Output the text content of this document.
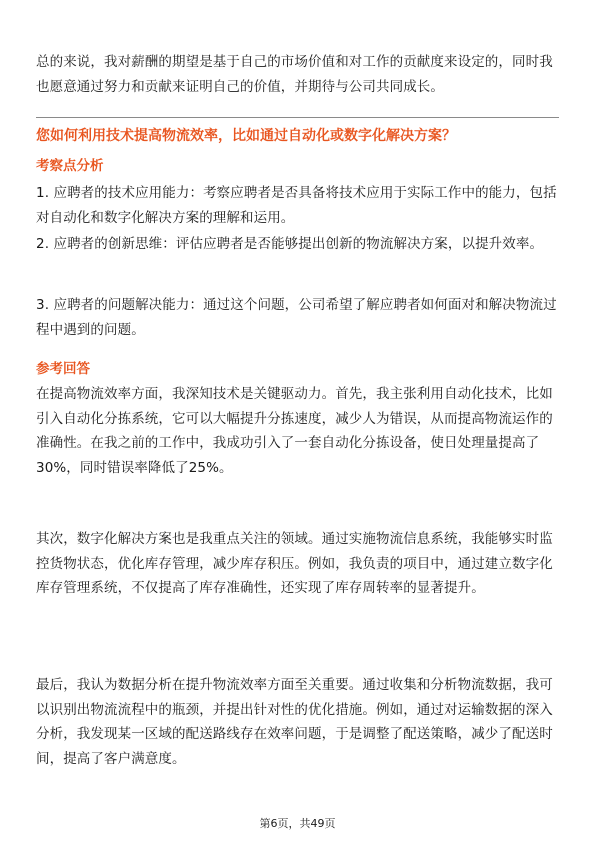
总的来说，我对薪酬的期望是基于自己的市场价值和对工作的贡献度来设定的，同时我也愿意通过努力和贡献来证明自己的价值，并期待与公司共同成长。

您如何利用技术提高物流效率，比如通过自动化或数字化解决方案？

考察点分析

1. 应聘者的技术应用能力：考察应聘者是否具备将技术应用于实际工作中的能力，包括对自动化和数字化解决方案的理解和运用。

2. 应聘者的创新思维：评估应聘者是否能够提出创新的物流解决方案，以提升效率。

3. 应聘者的问题解决能力：通过这个问题，公司希望了解应聘者如何面对和解决物流过程中遇到的问题。

参考回答

在提高物流效率方面，我深知技术是关键驱动力。首先，我主张利用自动化技术，比如引入自动化分拣系统，它可以大幅提升分拣速度，减少人为错误，从而提高物流运作的准确性。在我之前的工作中，我成功引入了一套自动化分拣设备，使日处理量提高了30%，同时错误率降低了25%。

其次，数字化解决方案也是我重点关注的领域。通过实施物流信息系统，我能够实时监控货物状态，优化库存管理，减少库存积压。例如，我负责的项目中，通过建立数字化库存管理系统，不仅提高了库存准确性，还实现了库存周转率的显著提升。

最后，我认为数据分析在提升物流效率方面至关重要。通过收集和分析物流数据，我可以识别出物流流程中的瓶颈，并提出针对性的优化措施。例如，通过对运输数据的深入分析，我发现某一区域的配送路线存在效率问题，于是调整了配送策略，减少了配送时间，提高了客户满意度。

第6页，共49页
